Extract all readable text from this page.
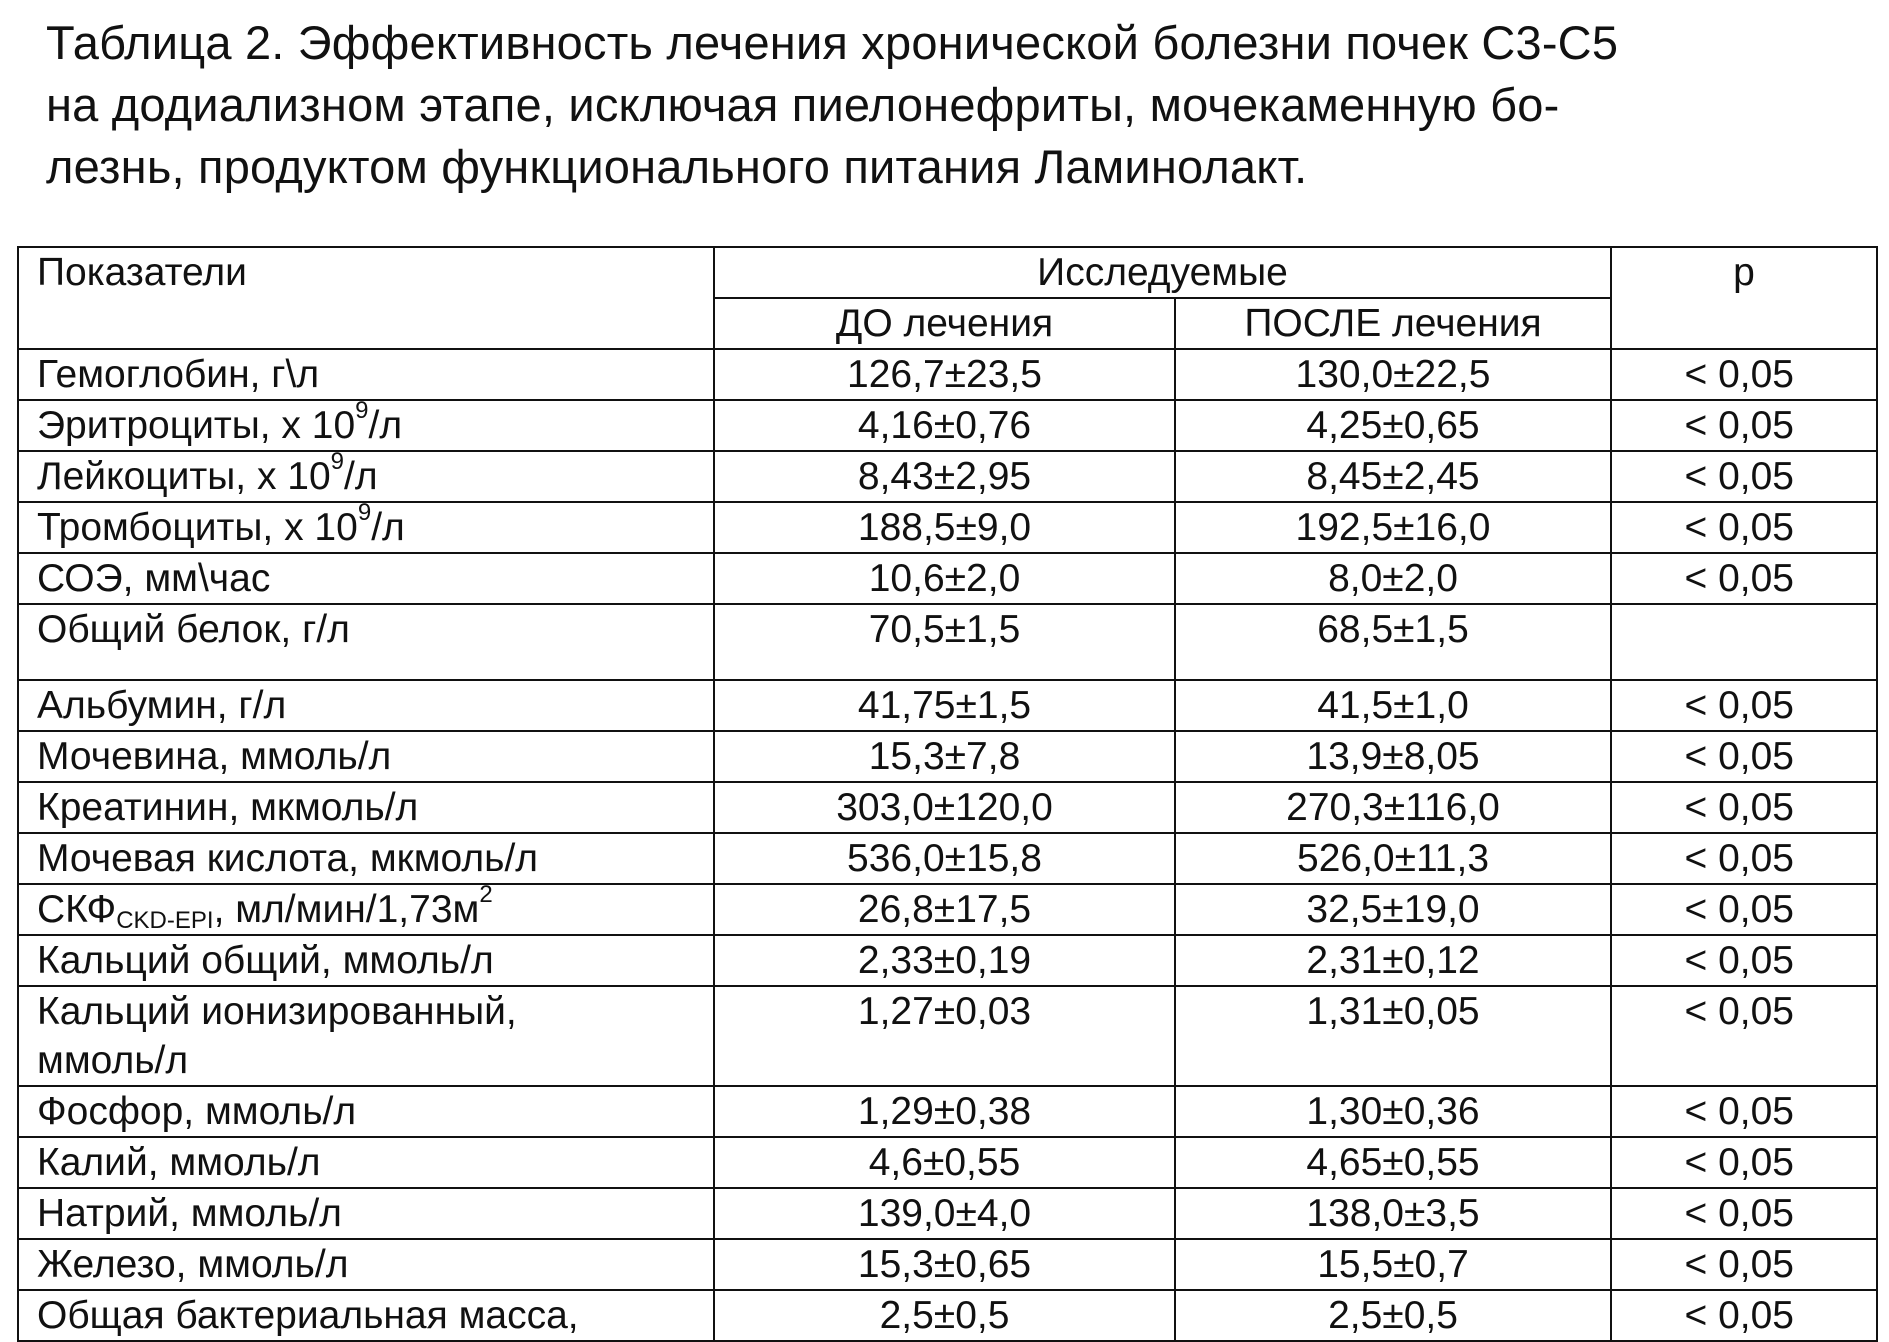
Таблица 2. Эффективность лечения хронической болезни почек С3-С5
на додиализном этапе, исключая пиелонефриты, мочекаменную бо-
лезнь, продуктом функционального питания Ламинолакт.
Показатели	Исследуемые		р
	ДО лечения	ПОСЛЕ лечения	
Гемоглобин, г\л	126,7±23,5	130,0±22,5	< 0,05
Эритроциты, х $10^9/л$	4,16±0,76	4,25±0,65	< 0,05
Лейкоциты, х $10^9/л$	8,43±2,95	8,45±2,45	< 0,05
Тромбоциты, х $10^9/л$	188,5±9,0	192,5±16,0	< 0,05
СОЭ, мм\час	10,6±2,0	8,0±2,0	< 0,05
Общий белок, г/л	70,5±1,5	68,5±1,5	
Альбумин, г/л	41,75±1,5	41,5±1,0	< 0,05
Мочевина, ммоль/л	15,3±7,8	13,9±8,05	< 0,05
Креатинин, мкмоль/л	303,0±120,0	270,3±116,0	< 0,05
Мочевая кислота, мкмоль/л	536,0±15,8	526,0±11,3	< 0,05
$СКФ_{CKD-EPI}$, $мл/мин/1,73м^2$	26,8±17,5	32,5±19,0	< 0,05
Кальций общий, ммоль/л	2,33±0,19	2,31±0,12	< 0,05

Кальций ионизированный,
ммоль/л	1,27±0,03	1,31±0,05	< 0,05
Фосфор, ммоль/л	1,29±0,38	1,30±0,36	< 0,05
Калий, ммоль/л	4,6±0,55	4,65±0,55	< 0,05
Натрий, ммоль/л	139,0±4,0	138,0±3,5	< 0,05
Железо, ммоль/л	15,3±0,65	15,5±0,7	< 0,05
Общая бактериальная масса,	2,5±0,5	2,5±0,5	< 0,05
